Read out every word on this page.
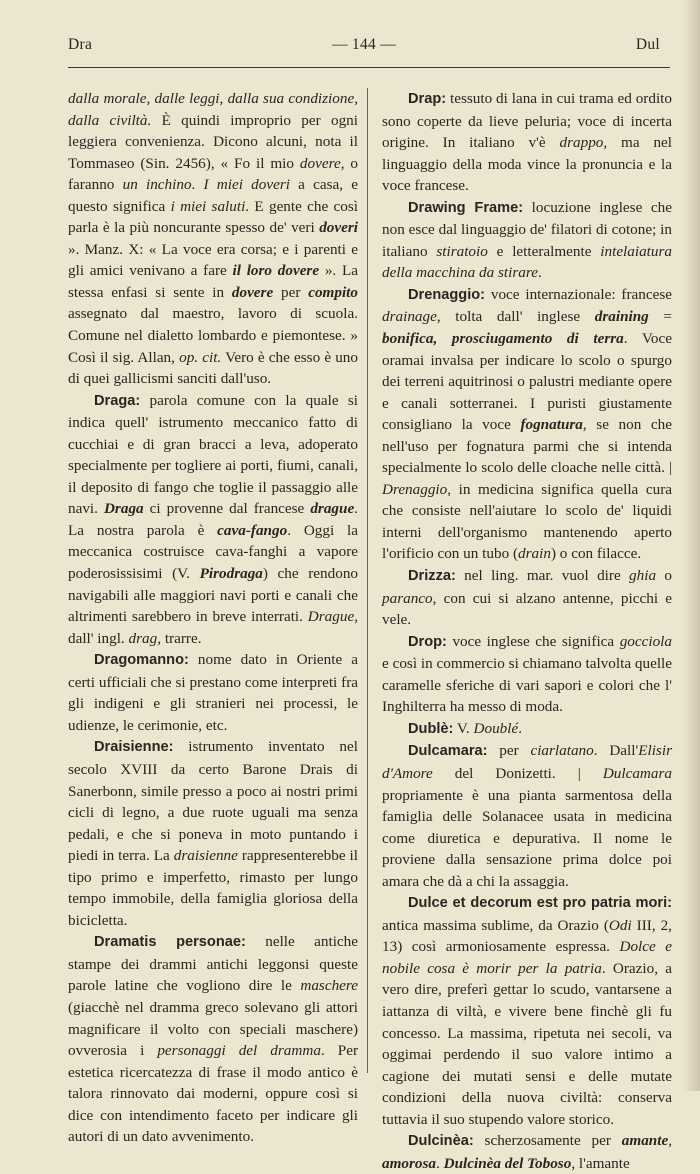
Dra	— 144 —	Dul

dalla morale, dalle leggi, dalla sua condizione, dalla civiltà. È quindi improprio per ogni leggiera convenienza. Dicono alcuni, nota il Tommaseo (Sin. 2456), « Fo il mio dovere, o faranno un inchino. I miei doveri a casa, e questo significa i miei saluti. E gente che così parla è la più noncurante spesso de' veri doveri ». Manz. X: « La voce era corsa; e i parenti e gli amici venivano a fare il loro dovere ». La stessa enfasi si sente in dovere per compito assegnato dal maestro, lavoro di scuola. Comune nel dialetto lombardo e piemontese. » Così il sig. Allan, op. cit. Vero è che esso è uno di quei gallicismi sanciti dall'uso.

Draga: parola comune con la quale si indica quell' istrumento meccanico fatto di cucchiai e di gran bracci a leva, adoperato specialmente per togliere ai porti, fiumi, canali, il deposito di fango che toglie il passaggio alle navi. Draga ci provenne dal francese drague. La nostra parola è cava-fango. Oggi la meccanica costruisce cava-fanghi a vapore poderosissisimi (V. Pirodraga) che rendono navigabili alle maggiori navi porti e canali che altrimenti sarebbero in breve interrati. Drague, dall' ingl. drag, trarre.

Dragomanno: nome dato in Oriente a certi ufficiali che si prestano come interpreti fra gli indigeni e gli stranieri nei processi, le udienze, le cerimonie, etc.

Draisienne: istrumento inventato nel secolo XVIII da certo Barone Drais di Sanerbonn, simile presso a poco ai nostri primi cicli di legno, a due ruote uguali ma senza pedali, e che si poneva in moto puntando i piedi in terra. La draisienne rappresenterebbe il tipo primo e imperfetto, rimasto per lungo tempo immobile, della famiglia gloriosa della bicicletta.

Dramatis personae: nelle antiche stampe dei drammi antichi leggonsi queste parole latine che vogliono dire le maschere (giacchè nel dramma greco solevano gli attori magnificare il volto con speciali maschere) ovverosia i personaggi del dramma. Per estetica ricercatezza di frase il modo antico è talora rinnovato dai moderni, oppure così si dice con intendimento faceto per indicare gli autori di un dato avvenimento.

Drap: tessuto di lana in cui trama ed ordito sono coperte da lieve peluria; voce di incerta origine. In italiano v'è drappo, ma nel linguaggio della moda vince la pronuncia e la voce francese.

Drawing Frame: locuzione inglese che non esce dal linguaggio de' filatori di cotone; in italiano stiratoio e letteralmente intelaiatura della macchina da stirare.

Drenaggio: voce internazionale: francese drainage, tolta dall' inglese draining = bonifica, prosciugamento di terra. Voce oramai invalsa per indicare lo scolo o spurgo dei terreni aquitrinosi o palustri mediante opere e canali sotterranei. I puristi giustamente consigliano la voce fognatura, se non che nell'uso per fognatura parmi che si intenda specialmente lo scolo delle cloache nelle città. | Drenaggio, in medicina significa quella cura che consiste nell'aiutare lo scolo de' liquidi interni dell'organismo mantenendo aperto l'orificio con un tubo (drain) o con filacce.

Drizza: nel ling. mar. vuol dire ghia o paranco, con cui si alzano antenne, picchi e vele.

Drop: voce inglese che significa gocciola e così in commercio si chiamano talvolta quelle caramelle sferiche di vari sapori e colori che l' Inghilterra ha messo di moda.

Dublè: V. Doublé.

Dulcamara: per ciarlatano. Dall'Elisir d'Amore del Donizetti. | Dulcamara propriamente è una pianta sarmentosa della famiglia delle Solanacee usata in medicina come diuretica e depurativa. Il nome le proviene dalla sensazione prima dolce poi amara che dà a chi la assaggia.

Dulce et decorum est pro patria mori: antica massima sublime, da Orazio (Odi III, 2, 13) così armoniosamente espressa. Dolce e nobile cosa è morir per la patria. Orazio, a vero dire, preferì gettar lo scudo, vantarsene a iattanza di viltà, e vivere bene finchè gli fu concesso. La massima, ripetuta nei secoli, va oggimai perdendo il suo valore intimo a cagione dei mutati sensi e delle mutate condizioni della nuova civiltà: conserva tuttavia il suo stupendo valore storico.

Dulcinèa: scherzosamente per amante, amorosa. Dulcinèa del Toboso, l'amante
